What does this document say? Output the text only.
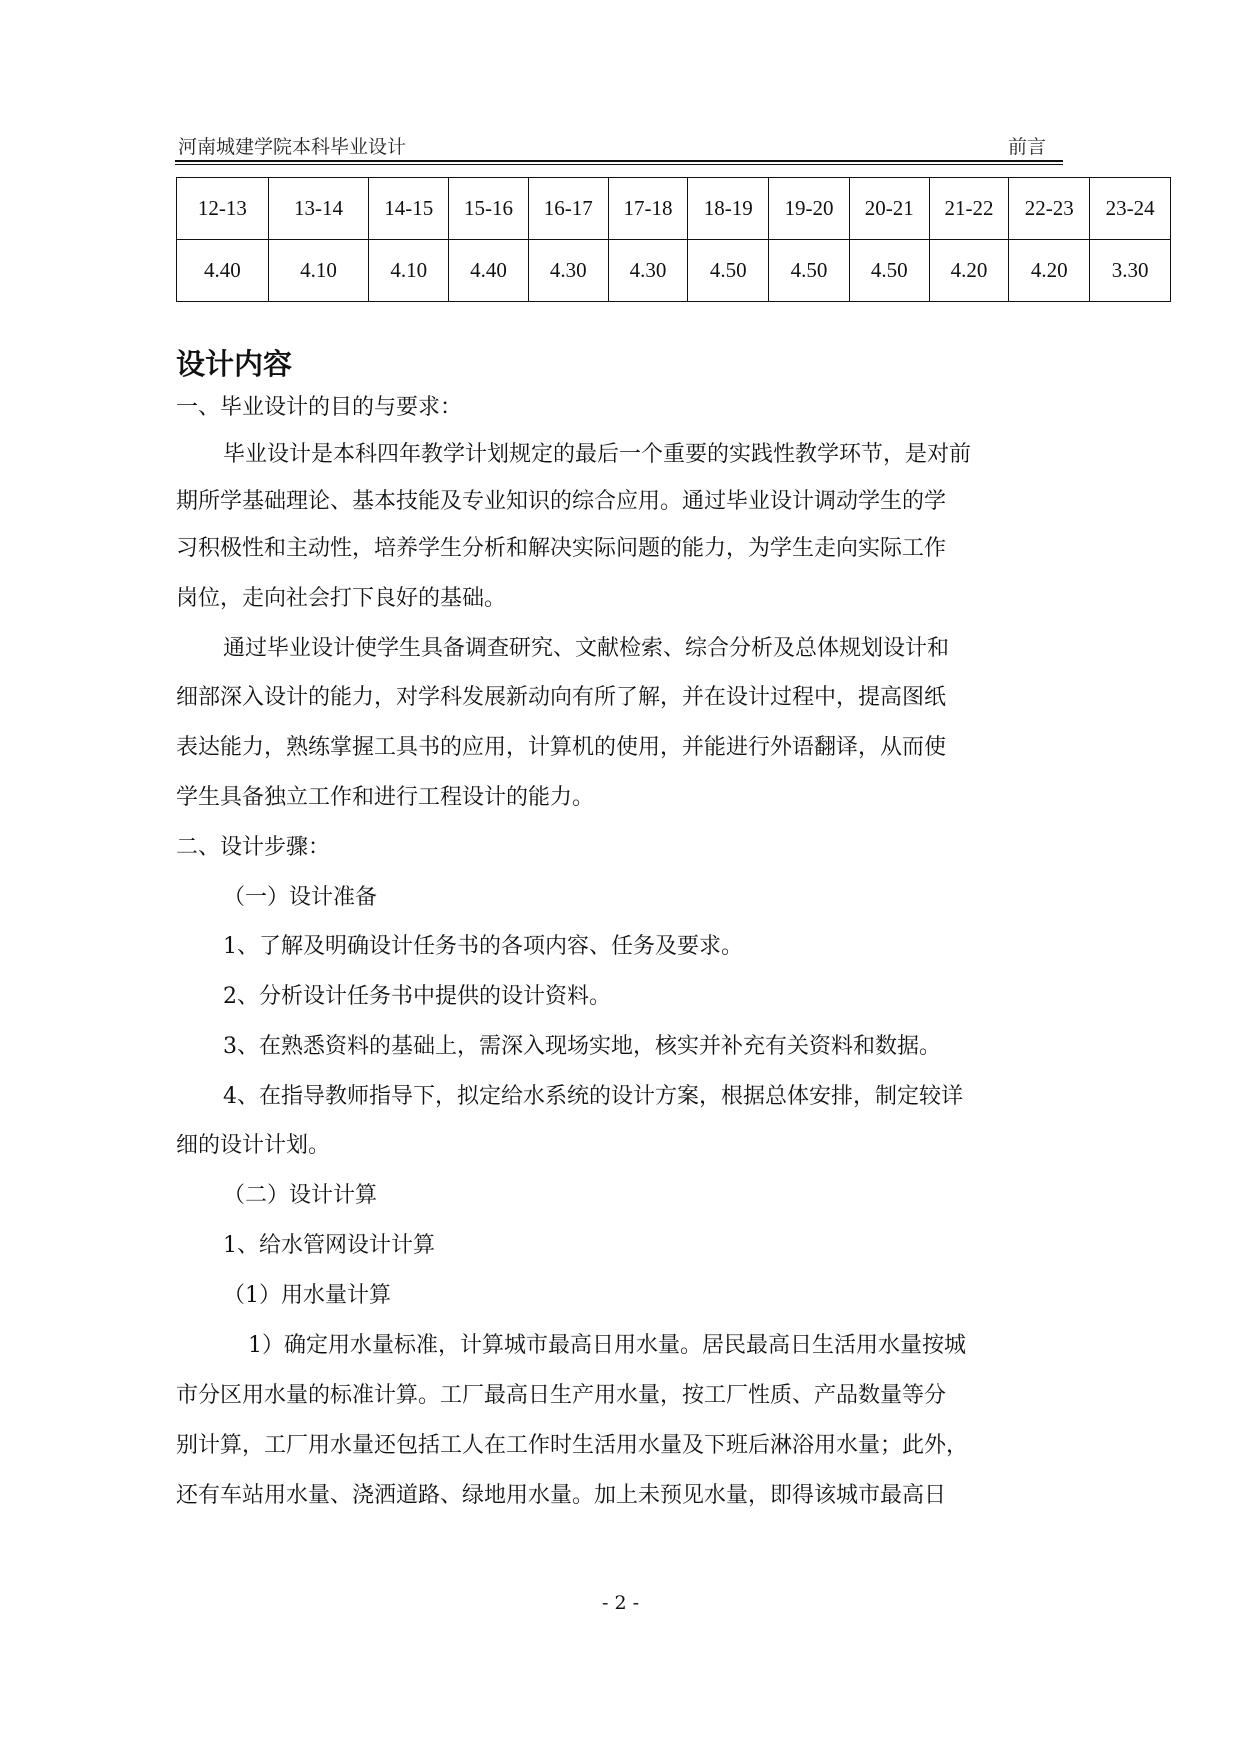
河南城建学院本科毕业设计	前言
12-13	13-14	14-15	15-16	16-17	17-18	18-19	19-20	20-21	21-22	22-23	23-24
4.40	4.10	4.10	4.40	4.30	4.30	4.50	4.50	4.50	4.20	4.20	3.30
设计内容
一、毕业设计的目的与要求：
毕业设计是本科四年教学计划规定的最后一个重要的实践性教学环节，是对前
期所学基础理论、基本技能及专业知识的综合应用。通过毕业设计调动学生的学
习积极性和主动性，培养学生分析和解决实际问题的能力，为学生走向实际工作
岗位，走向社会打下良好的基础。
通过毕业设计使学生具备调查研究、文献检索、综合分析及总体规划设计和
细部深入设计的能力，对学科发展新动向有所了解，并在设计过程中，提高图纸
表达能力，熟练掌握工具书的应用，计算机的使用，并能进行外语翻译，从而使
学生具备独立工作和进行工程设计的能力。
二、设计步骤：
（一）设计准备
1、了解及明确设计任务书的各项内容、任务及要求。
2、分析设计任务书中提供的设计资料。
3、在熟悉资料的基础上，需深入现场实地，核实并补充有关资料和数据。
4、在指导教师指导下，拟定给水系统的设计方案，根据总体安排，制定较详
细的设计计划。
（二）设计计算
1、给水管网设计计算
（1）用水量计算
1）确定用水量标准，计算城市最高日用水量。居民最高日生活用水量按城
市分区用水量的标准计算。工厂最高日生产用水量，按工厂性质、产品数量等分
别计算，工厂用水量还包括工人在工作时生活用水量及下班后淋浴用水量；此外，
还有车站用水量、浇洒道路、绿地用水量。加上未预见水量，即得该城市最高日
- 2 -
